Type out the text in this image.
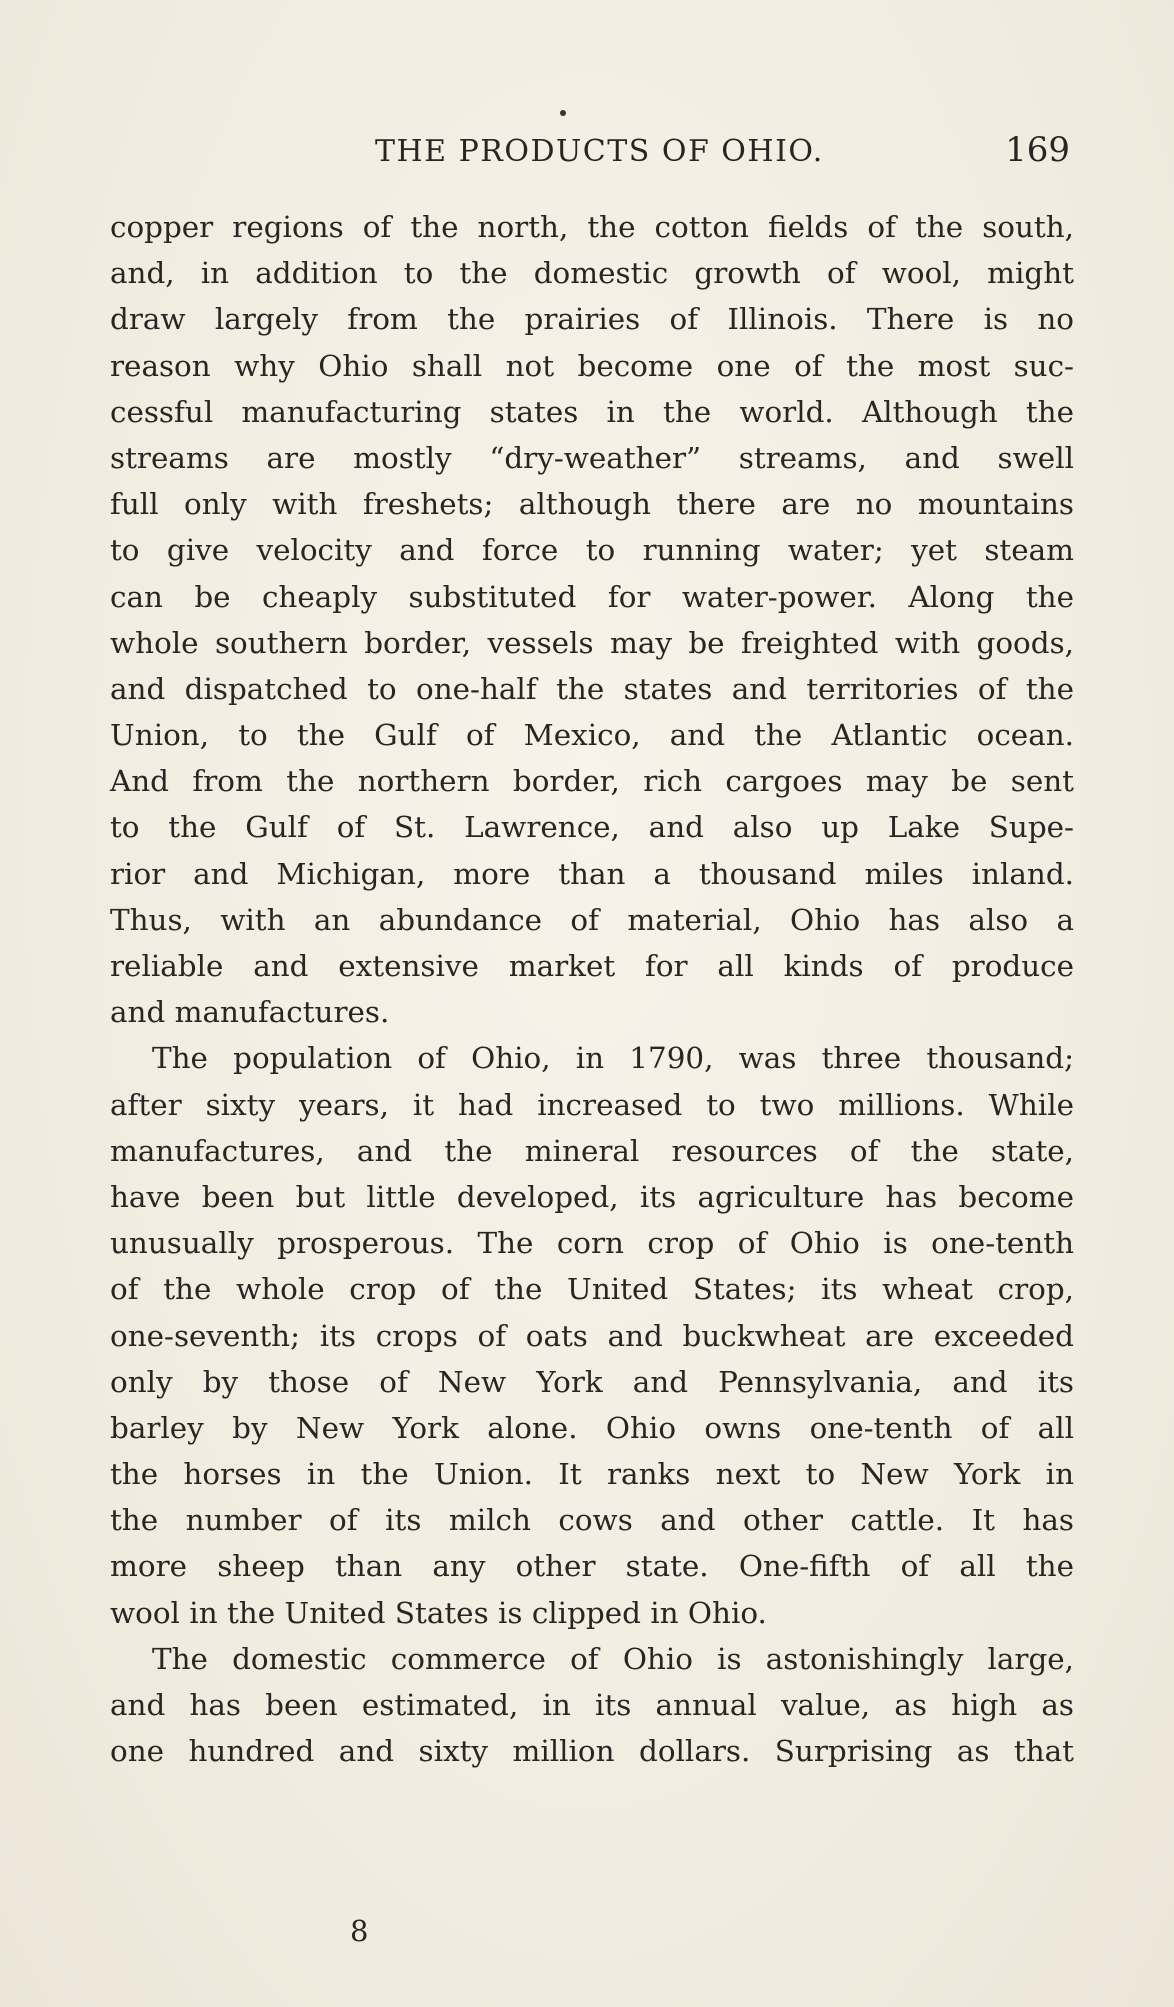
THE PRODUCTS OF OHIO.	169
copper regions of the north, the cotton fields of the south,
and, in addition to the domestic growth of wool, might
draw largely from the prairies of Illinois. There is no
reason why Ohio shall not become one of the most suc-
cessful manufacturing states in the world. Although the
streams are mostly “dry-weather” streams, and swell
full only with freshets; although there are no mountains
to give velocity and force to running water; yet steam
can be cheaply substituted for water-power. Along the
whole southern border, vessels may be freighted with goods,
and dispatched to one-half the states and territories of the
Union, to the Gulf of Mexico, and the Atlantic ocean.
And from the northern border, rich cargoes may be sent
to the Gulf of St. Lawrence, and also up Lake Supe-
rior and Michigan, more than a thousand miles inland.
Thus, with an abundance of material, Ohio has also a
reliable and extensive market for all kinds of produce
and manufactures.
The population of Ohio, in 1790, was three thousand;
after sixty years, it had increased to two millions. While
manufactures, and the mineral resources of the state,
have been but little developed, its agriculture has become
unusually prosperous. The corn crop of Ohio is one-tenth
of the whole crop of the United States; its wheat crop,
one-seventh; its crops of oats and buckwheat are exceeded
only by those of New York and Pennsylvania, and its
barley by New York alone. Ohio owns one-tenth of all
the horses in the Union. It ranks next to New York in
the number of its milch cows and other cattle. It has
more sheep than any other state. One-fifth of all the
wool in the United States is clipped in Ohio.
The domestic commerce of Ohio is astonishingly large,
and has been estimated, in its annual value, as high as
one hundred and sixty million dollars. Surprising as that
8
